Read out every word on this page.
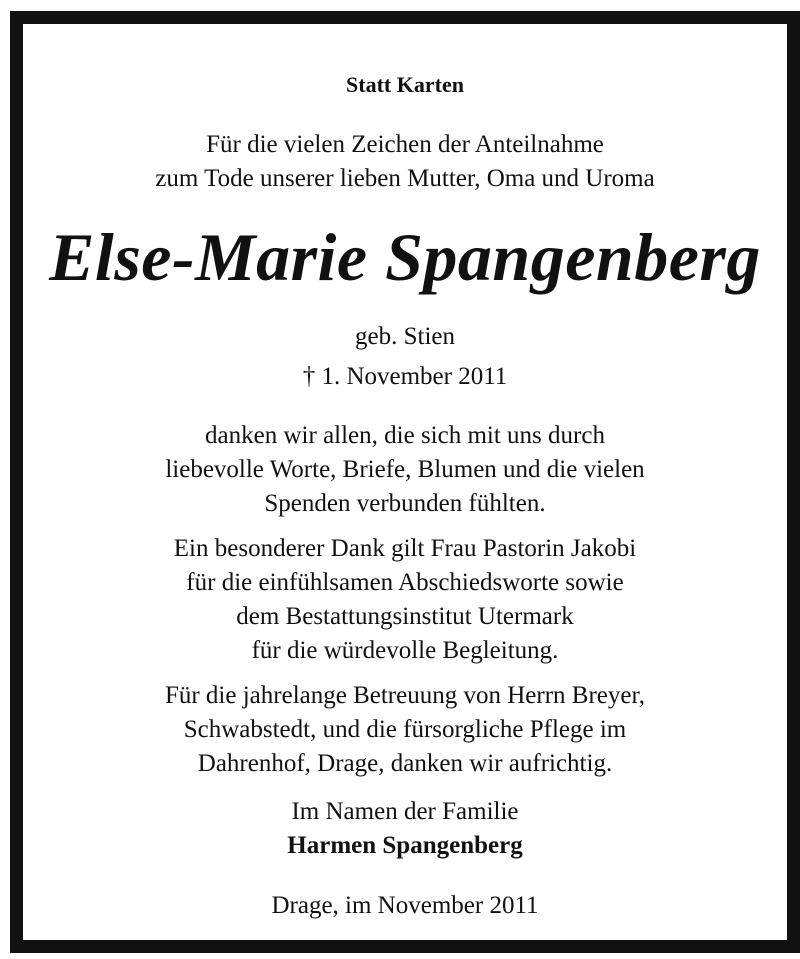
Statt Karten
Für die vielen Zeichen der Anteilnahme
zum Tode unserer lieben Mutter, Oma und Uroma
Else-Marie Spangenberg
geb. Stien
† 1. November 2011
danken wir allen, die sich mit uns durch
liebevolle Worte, Briefe, Blumen und die vielen
Spenden verbunden fühlten.
Ein besonderer Dank gilt Frau Pastorin Jakobi
für die einfühlsamen Abschiedsworte sowie
dem Bestattungsinstitut Utermark
für die würdevolle Begleitung.
Für die jahrelange Betreuung von Herrn Breyer,
Schwabstedt, und die fürsorgliche Pflege im
Dahrenhof, Drage, danken wir aufrichtig.
Im Namen der Familie
Harmen Spangenberg
Drage, im November 2011
